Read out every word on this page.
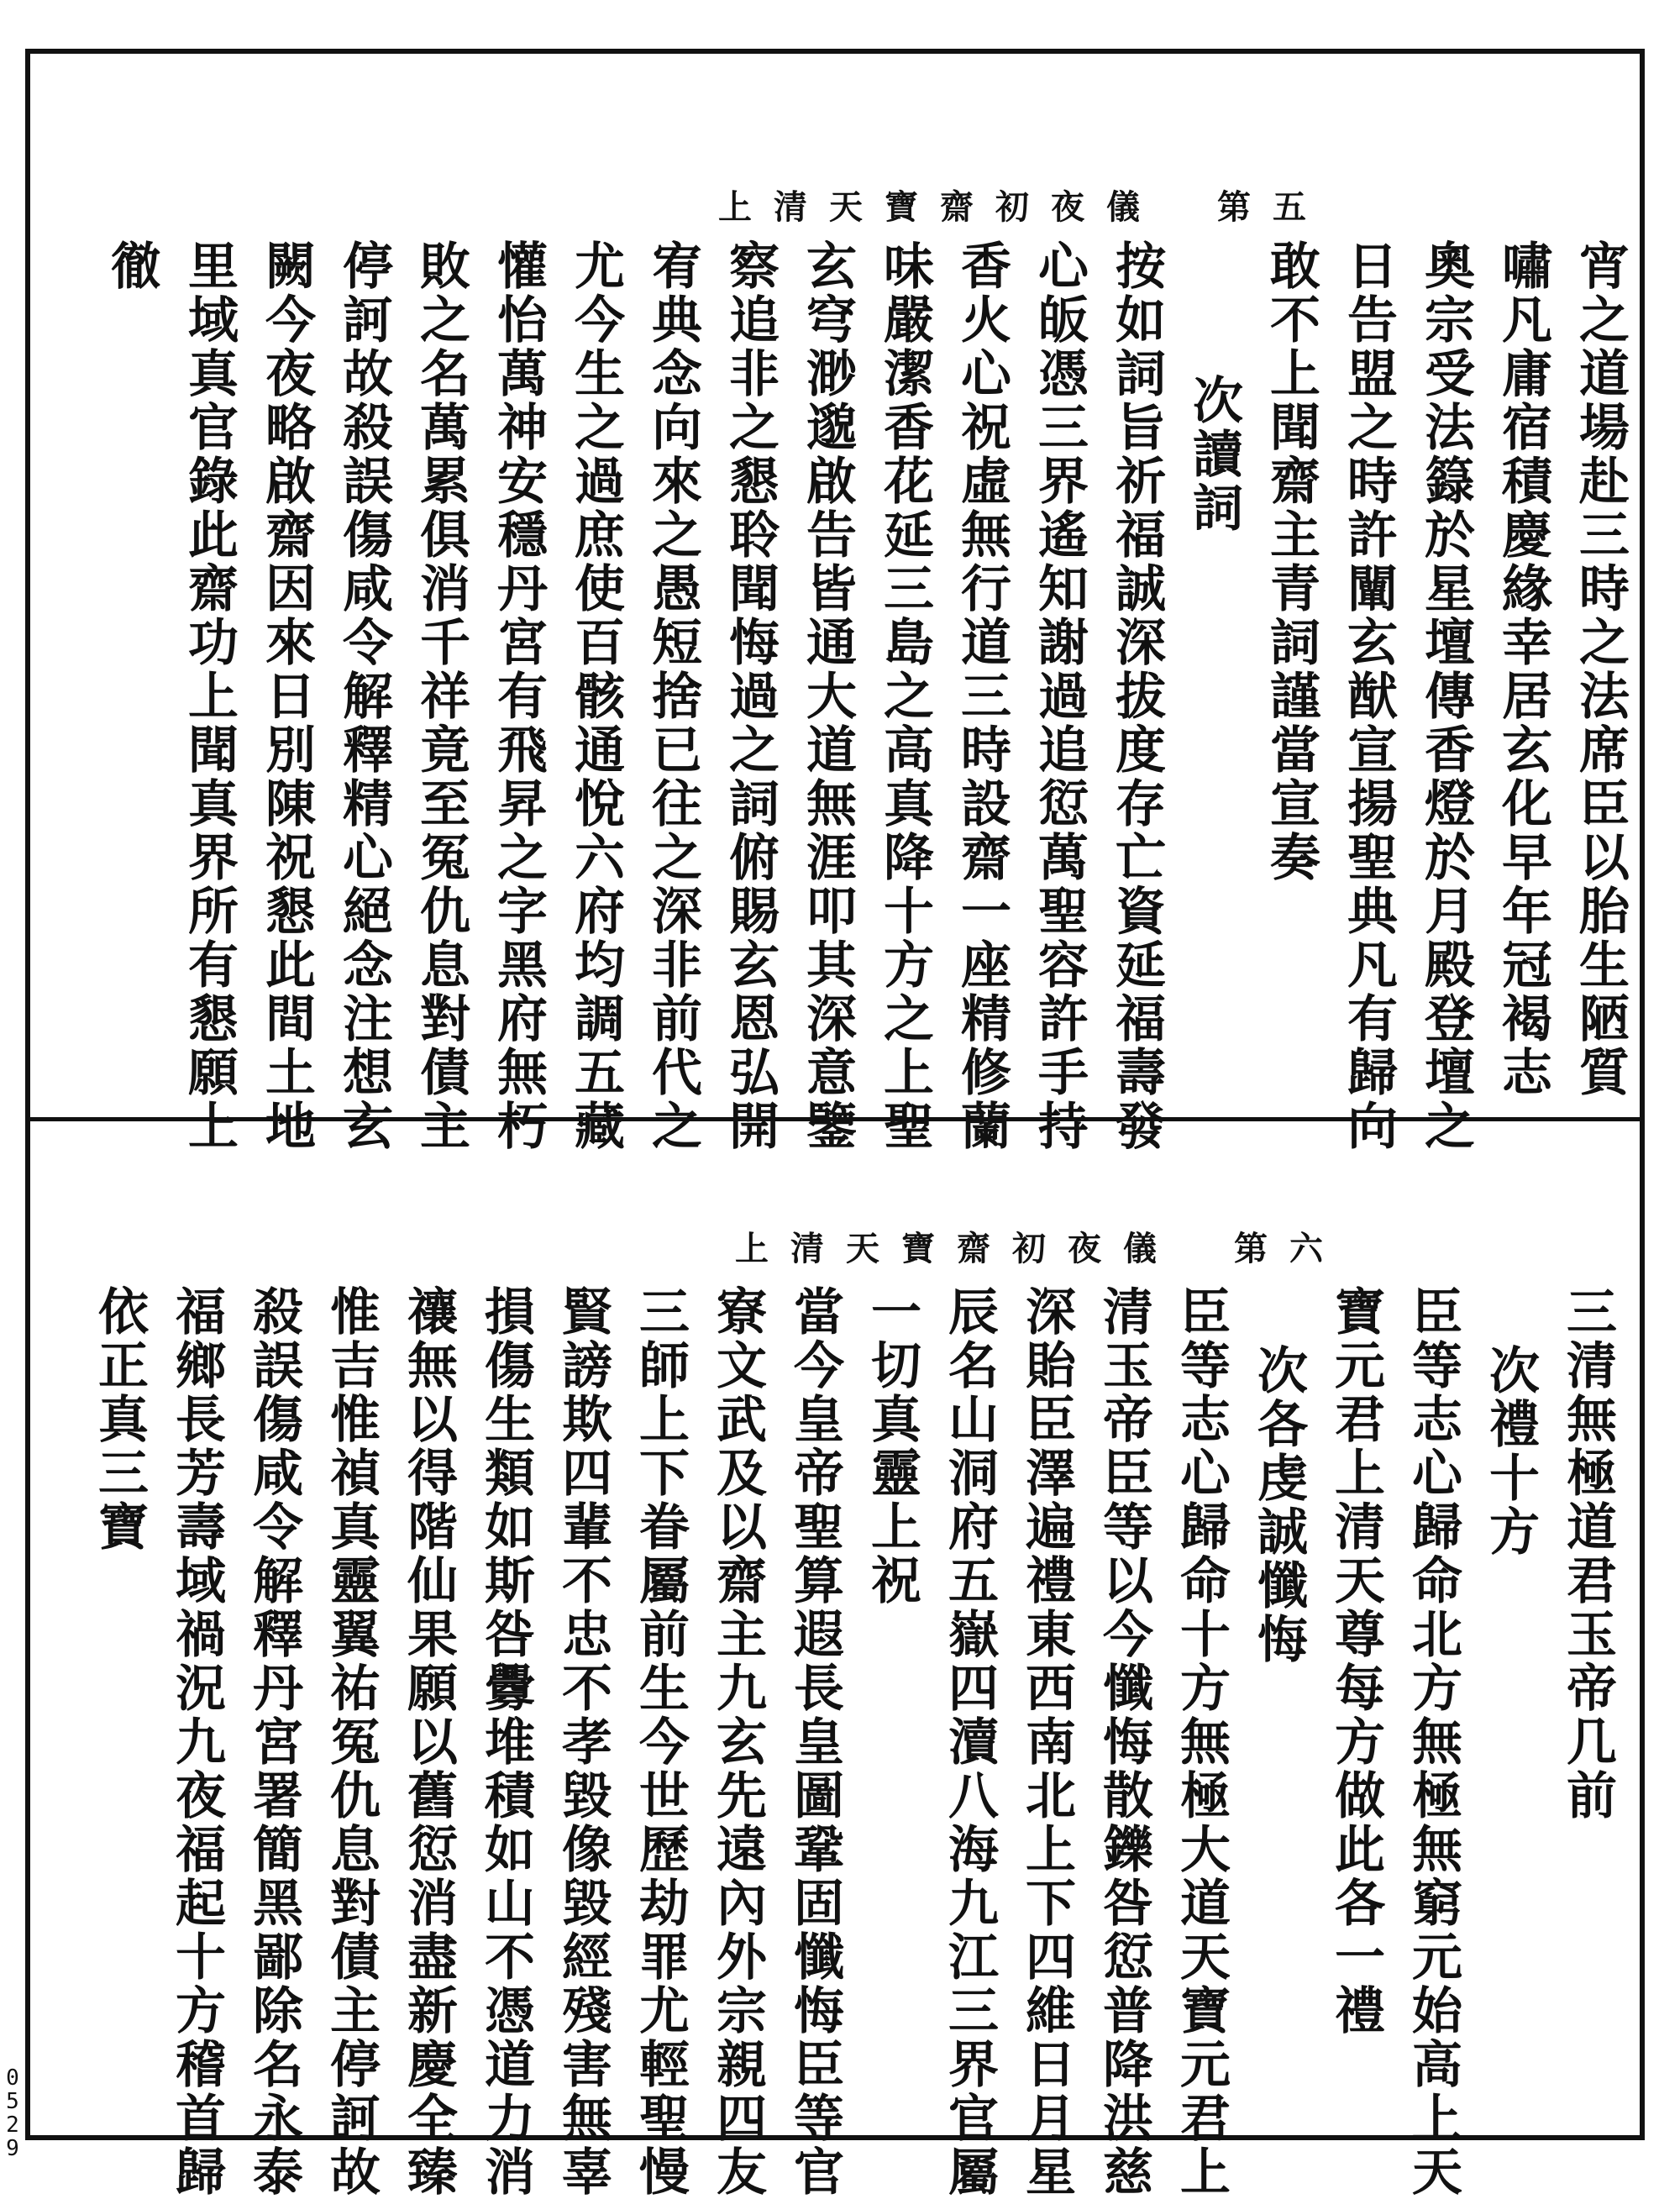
上清天寶齋初夜儀　第五
上清天寶齋初夜儀　第六
宵之道場赴三時之法席臣以胎生陋質
嘯凡庸宿積慶緣幸居玄化早年冠褐志
奧宗受法籙於星壇傳香燈於月殿登壇之
日告盟之時許闡玄猷宣揚聖典凡有歸向
敢不上聞齋主青詞謹當宣奏
次讀詞
按如詞旨祈福誠深拔度存亡資延福壽發
心皈憑三界遙知謝過追愆萬聖容許手持
香火心祝虛無行道三時設齋一座精修蘭
味嚴潔香花延三島之高真降十方之上聖
玄穹渺邈啟告皆通大道無涯叩其深意鑒
察追非之懇聆聞悔過之詞俯賜玄恩弘開
宥典念向來之愚短捨已往之深非前代之
尤今生之過庶使百骸通悅六府均調五藏
懽怡萬神安穩丹宮有飛昇之字黑府無朽
敗之名萬累俱消千祥竟至冤仇息對債主
停訶故殺誤傷咸令解釋精心絕念注想玄
闕今夜略啟齋因來日別陳祝懇此間土地
里域真官錄此齋功上聞真界所有懇願上
徹
三清無極道君玉帝几前
次禮十方
臣等志心歸命北方無極無窮元始高上天
寶元君上清天尊每方做此各一禮
次各虔誠懺悔
臣等志心歸命十方無極大道天寶元君上
清玉帝臣等以今懺悔散鑠咎愆普降洪慈
深貽臣澤遍禮東西南北上下四維日月星
辰名山洞府五嶽四瀆八海九江三界官屬
一切真靈上祝
當今皇帝聖算遐長皇圖鞏固懺悔臣等官
寮文武及以齋主九玄先遠內外宗親四友
三師上下眷屬前生今世歷劫罪尤輕聖慢
賢謗欺四輩不忠不孝毀像毀經殘害無辜
損傷生類如斯咎釁堆積如山不憑道力消
禳無以得階仙果願以舊愆消盡新慶全臻
惟吉惟禎真靈翼祐冤仇息對債主停訶故
殺誤傷咸令解釋丹宮署簡黑鄙除名永泰
福鄉長芳壽域禍況九夜福起十方稽首歸
依正真三寶
0529
